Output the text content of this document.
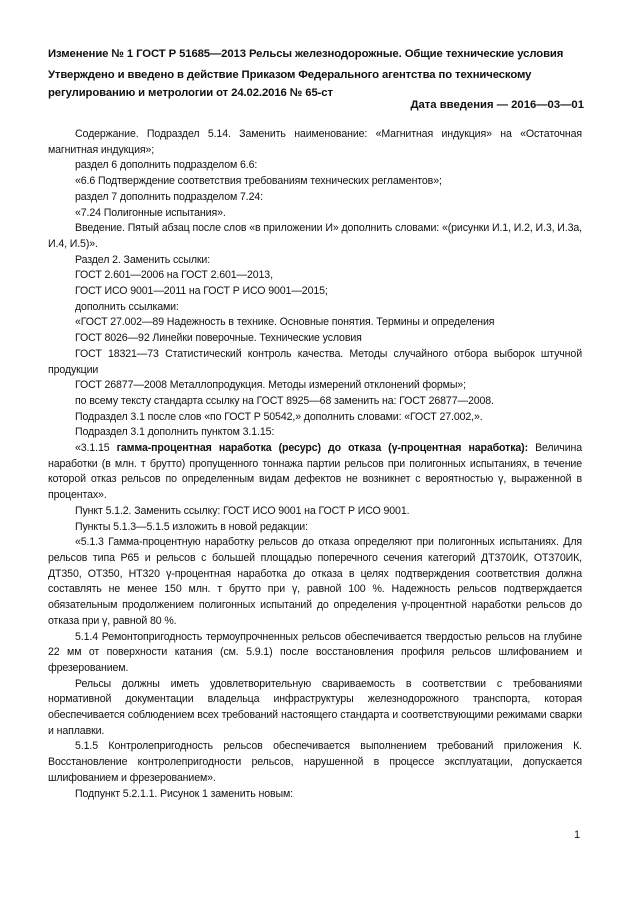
Изменение № 1 ГОСТ Р 51685—2013 Рельсы железнодорожные. Общие технические условия
Утверждено и введено в действие Приказом Федерального агентства по техническому регулированию и метрологии от 24.02.2016 № 65-ст
Дата введения — 2016—03—01

Содержание. Подраздел 5.14. Заменить наименование: «Магнитная индукция» на «Остаточная магнитная индукция»;

раздел 6 дополнить подразделом 6.6:

«6.6 Подтверждение соответствия требованиям технических регламентов»;

раздел 7 дополнить подразделом 7.24:

«7.24 Полигонные испытания».

Введение. Пятый абзац после слов «в приложении И» дополнить словами: «(рисунки И.1, И.2, И.3, И.3а, И.4, И.5)».

Раздел 2. Заменить ссылки:

ГОСТ 2.601—2006 на ГОСТ 2.601—2013,

ГОСТ ИСО 9001—2011 на ГОСТ Р ИСО 9001—2015;

дополнить ссылками:

«ГОСТ 27.002—89 Надежность в технике. Основные понятия. Термины и определения

ГОСТ 8026—92 Линейки поверочные. Технические условия

ГОСТ 18321—73 Статистический контроль качества. Методы случайного отбора выборок штучной продукции

ГОСТ 26877—2008 Металлопродукция. Методы измерений отклонений формы»;

по всему тексту стандарта ссылку на ГОСТ 8925—68 заменить на: ГОСТ 26877—2008.

Подраздел 3.1 после слов «по ГОСТ Р 50542,» дополнить словами: «ГОСТ 27.002,».

Подраздел 3.1 дополнить пунктом 3.1.15:

«3.1.15 гамма-процентная наработка (ресурс) до отказа (γ-процентная наработка): Величина наработки (в млн. т брутто) пропущенного тоннажа партии рельсов при полигонных испытаниях, в течение которой отказ рельсов по определенным видам дефектов не возникнет с вероятностью γ, выраженной в процентах».

Пункт 5.1.2. Заменить ссылку: ГОСТ ИСО 9001 на ГОСТ Р ИСО 9001.

Пункты 5.1.3—5.1.5 изложить в новой редакции:

«5.1.3 Гамма-процентную наработку рельсов до отказа определяют при полигонных испытаниях. Для рельсов типа Р65 и рельсов с большей площадью поперечного сечения категорий ДТ370ИК, ОТ370ИК, ДТ350, ОТ350, НТ320 γ-процентная наработка до отказа в целях подтверждения соответствия должна составлять не менее 150 млн. т брутто при γ, равной 100 %. Надежность рельсов подтверждается обязательным продолжением полигонных испытаний до определения γ-процентной наработки рельсов до отказа при γ, равной 80 %.

5.1.4 Ремонтопригодность термоупрочненных рельсов обеспечивается твердостью рельсов на глубине 22 мм от поверхности катания (см. 5.9.1) после восстановления профиля рельсов шлифованием и фрезерованием.

Рельсы должны иметь удовлетворительную свариваемость в соответствии с требованиями нормативной документации владельца инфраструктуры железнодорожного транспорта, которая обеспечивается соблюдением всех требований настоящего стандарта и соответствующими режимами сварки и наплавки.

5.1.5 Контролепригодность рельсов обеспечивается выполнением требований приложения К. Восстановление контролепригодности рельсов, нарушенной в процессе эксплуатации, допускается шлифованием и фрезерованием».

Подпункт 5.2.1.1. Рисунок 1 заменить новым:

1
